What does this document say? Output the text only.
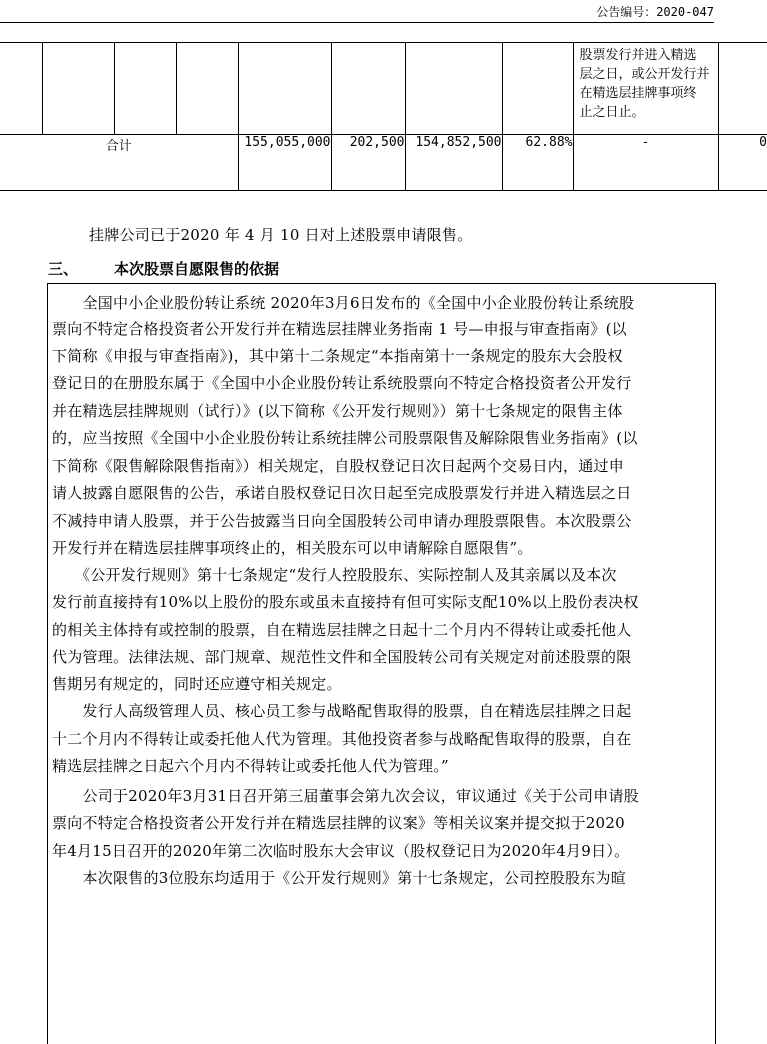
公告编号：2020-047

								股票发行并进入精选
层之日，或公开发行并
在精选层挂牌事项终
止之日止。	

合计				155,055,000	202,500	154,852,500	62.88%	-	0
挂牌公司已于2020 年 4 月 10 日对上述股票申请限售。
三、 本次股票自愿限售的依据
　　全国中小企业股份转让系统 2020年3月6日发布的《全国中小企业股份转让系统股
票向不特定合格投资者公开发行并在精选层挂牌业务指南 1 号—申报与审查指南》(以
下简称《申报与审查指南》)，其中第十二条规定“本指南第十一条规定的股东大会股权
登记日的在册股东属于《全国中小企业股份转让系统股票向不特定合格投资者公开发行
并在精选层挂牌规则（试行）》(以下简称《公开发行规则》）第十七条规定的限售主体
的，应当按照《全国中小企业股份转让系统挂牌公司股票限售及解除限售业务指南》(以
下简称《限售解除限售指南》）相关规定，自股权登记日次日起两个交易日内，通过申
请人披露自愿限售的公告，承诺自股权登记日次日起至完成股票发行并进入精选层之日
不减持申请人股票，并于公告披露当日向全国股转公司申请办理股票限售。本次股票公
开发行并在精选层挂牌事项终止的，相关股东可以申请解除自愿限售”。
　　《公开发行规则》第十七条规定“发行人控股股东、实际控制人及其亲属以及本次
发行前直接持有10%以上股份的股东或虽未直接持有但可实际支配10%以上股份表决权
的相关主体持有或控制的股票，自在精选层挂牌之日起十二个月内不得转让或委托他人
代为管理。法律法规、部门规章、规范性文件和全国股转公司有关规定对前述股票的限
售期另有规定的，同时还应遵守相关规定。
　　发行人高级管理人员、核心员工参与战略配售取得的股票，自在精选层挂牌之日起
十二个月内不得转让或委托他人代为管理。其他投资者参与战略配售取得的股票，自在
精选层挂牌之日起六个月内不得转让或委托他人代为管理。”
　　公司于2020年3月31日召开第三届董事会第九次会议，审议通过《关于公司申请股
票向不特定合格投资者公开发行并在精选层挂牌的议案》等相关议案并提交拟于2020
年4月15日召开的2020年第二次临时股东大会审议（股权登记日为2020年4月9日）。
　　本次限售的3位股东均适用于《公开发行规则》第十七条规定，公司控股股东为暄
